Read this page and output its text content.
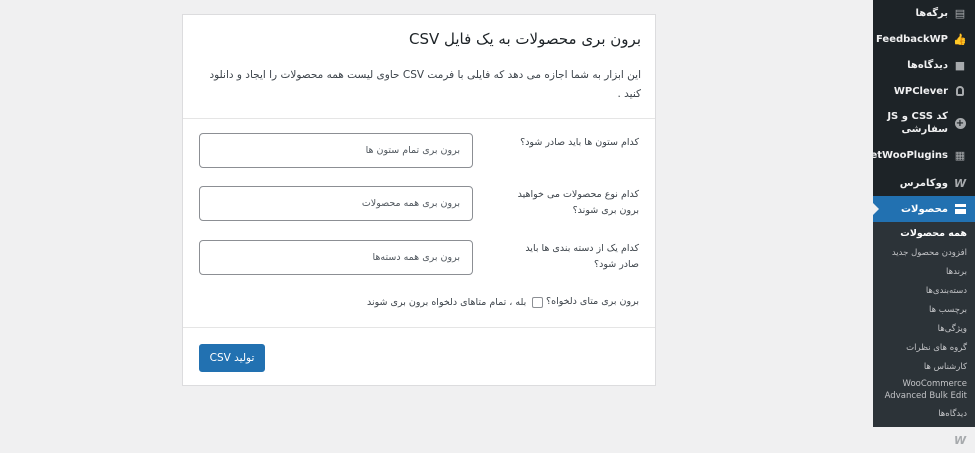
▤
برگه‌ها
👍
FeedbackWP
■
دیدگاه‌ها
WPClever
+
کد CSS و JS سفارشی
▦
GetWooPlugins
W
ووکامرس
محصولات
همه محصولات
افزودن محصول جدید
برندها
دسته‌بندی‌ها
برچسب ها
ویژگی‌ها
گروه های نظرات
کارشناس ها
WooCommerce Advanced Bulk Edit
دیدگاه‌ها
W
ووکامرس فارسی
برون بری محصولات به یک فایل CSV
این ابزار به شما اجازه می دهد که فایلی با فرمت CSV حاوی لیست همه محصولات را ایجاد و دانلود کنید .
کدام ستون ها باید صادر شود؟
برون بری تمام ستون ها
کدام نوع محصولات می خواهید برون بری شوند؟
برون بری همه محصولات
کدام یک از دسته بندی ها باید صادر شود؟
برون بری همه دسته‌ها
برون بری متای دلخواه؟
بله ، تمام متاهای دلخواه برون بری شوند
تولید CSV
